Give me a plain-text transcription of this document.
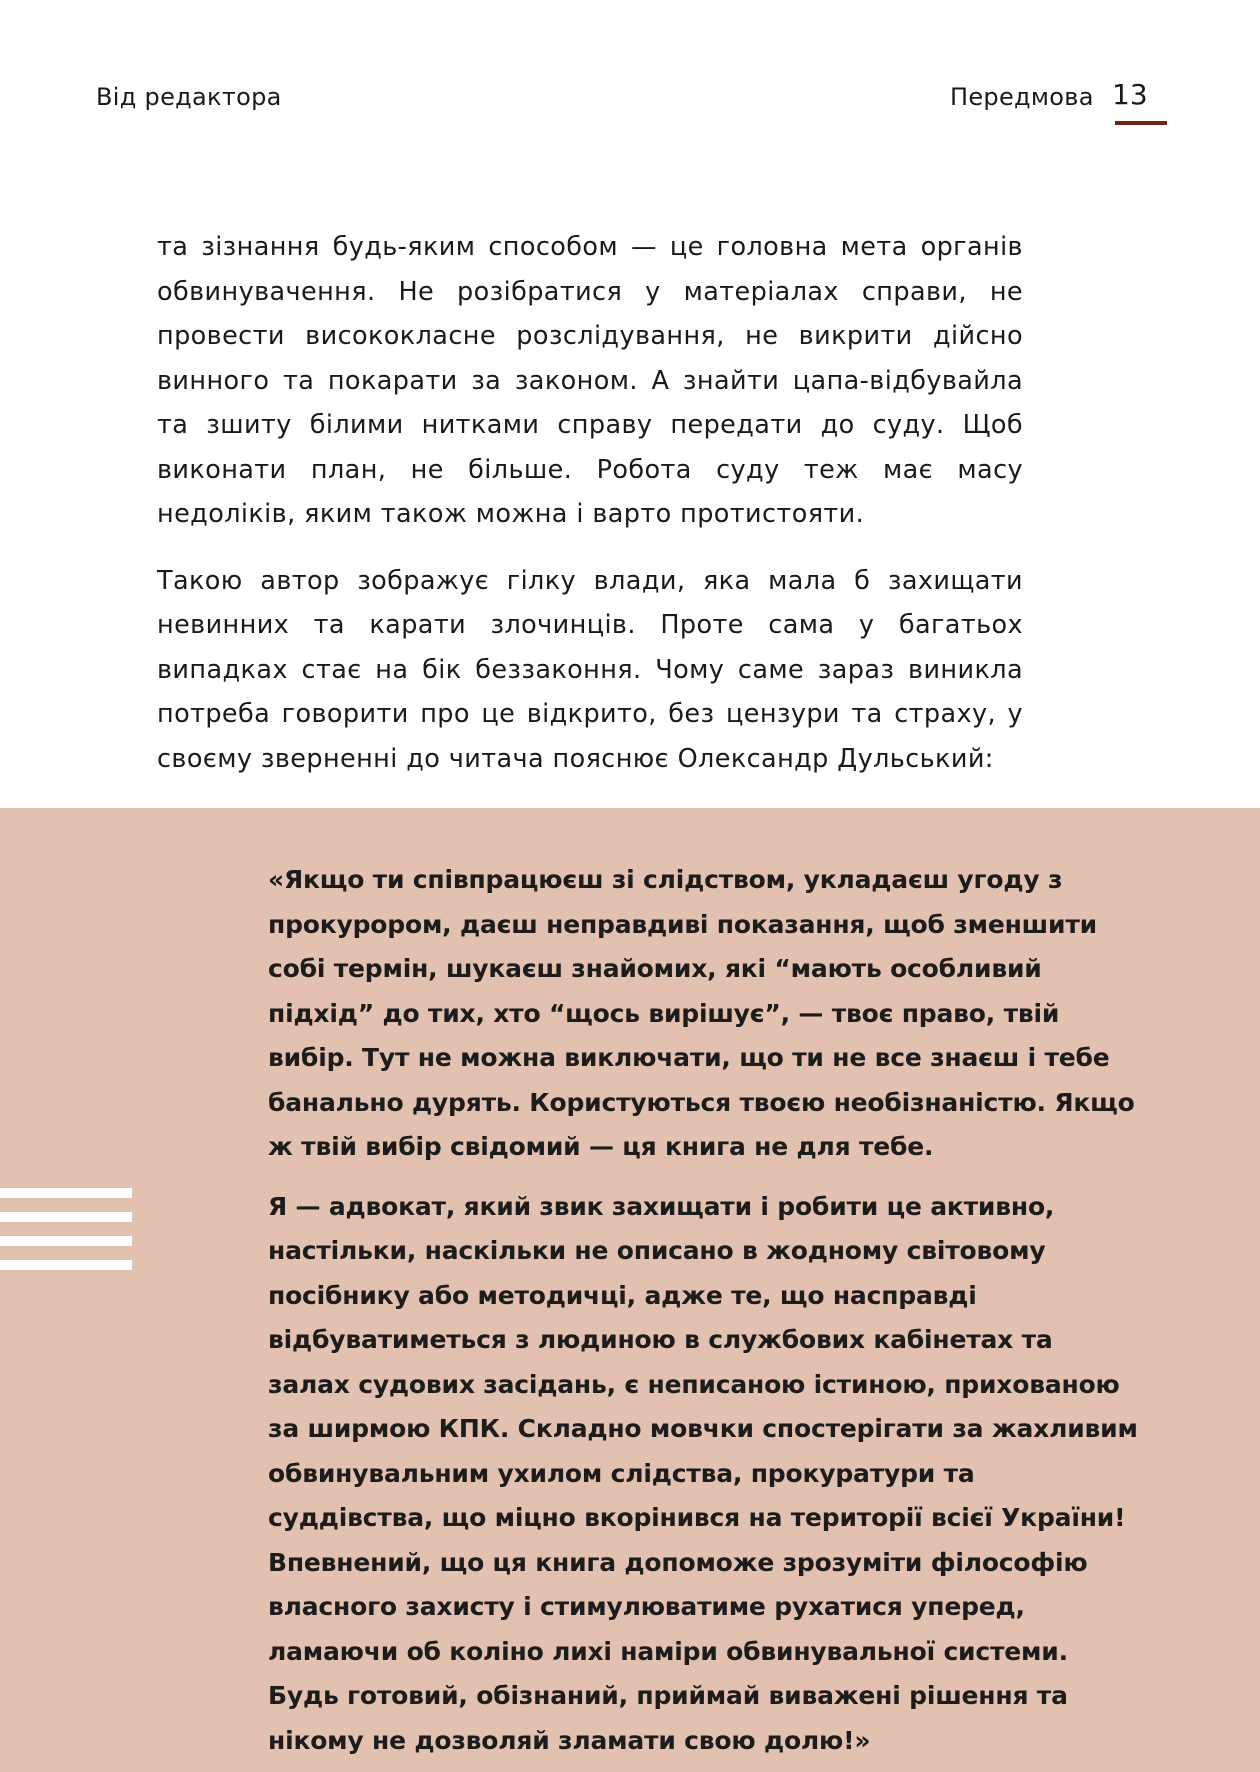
Від редактора	Передмова 13

та зізнання будь-яким способом — це головна мета органів обвинувачення. Не розібратися у матеріалах справи, не провести висококласне розслідування, не викрити дійсно винного та покарати за законом. А знайти цапа-відбувайла та зшиту білими нитками справу передати до суду. Щоб виконати план, не більше. Робота суду теж має масу недоліків, яким також можна і варто протистояти.

Такою автор зображує гілку влади, яка мала б захищати невинних та карати злочинців. Проте сама у багатьох випадках стає на бік беззаконня. Чому саме зараз виникла потреба говорити про це відкрито, без цензури та страху, у своєму зверненні до читача пояснює Олександр Дульський:

«Якщо ти співпрацюєш зі слідством, укладаєш угоду з прокурором, даєш неправдиві показання, щоб зменшити собі термін, шукаєш знайомих, які “мають особливий підхід” до тих, хто “щось вирішує”, — твоє право, твій вибір. Тут не можна виключати, що ти не все знаєш і тебе банально дурять. Користуються твоєю необізнаністю. Якщо ж твій вибір свідомий — ця книга не для тебе.

Я — адвокат, який звик захищати і робити це активно, настільки, наскільки не описано в жодному світовому посібнику або методичці, адже те, що насправді відбуватиметься з людиною в службових кабінетах та залах судових засідань, є неписаною істиною, прихованою за ширмою КПК. Складно мовчки спостерігати за жахливим обвинувальним ухилом слідства, прокуратури та суддівства, що міцно вкорінився на території всієї України! Впевнений, що ця книга допоможе зрозуміти філософію власного захисту і стимулюватиме рухатися уперед, ламаючи об коліно лихі наміри обвинувальної системи. Будь готовий, обізнаний, приймай виважені рішення та нікому не дозволяй зламати свою долю!»
